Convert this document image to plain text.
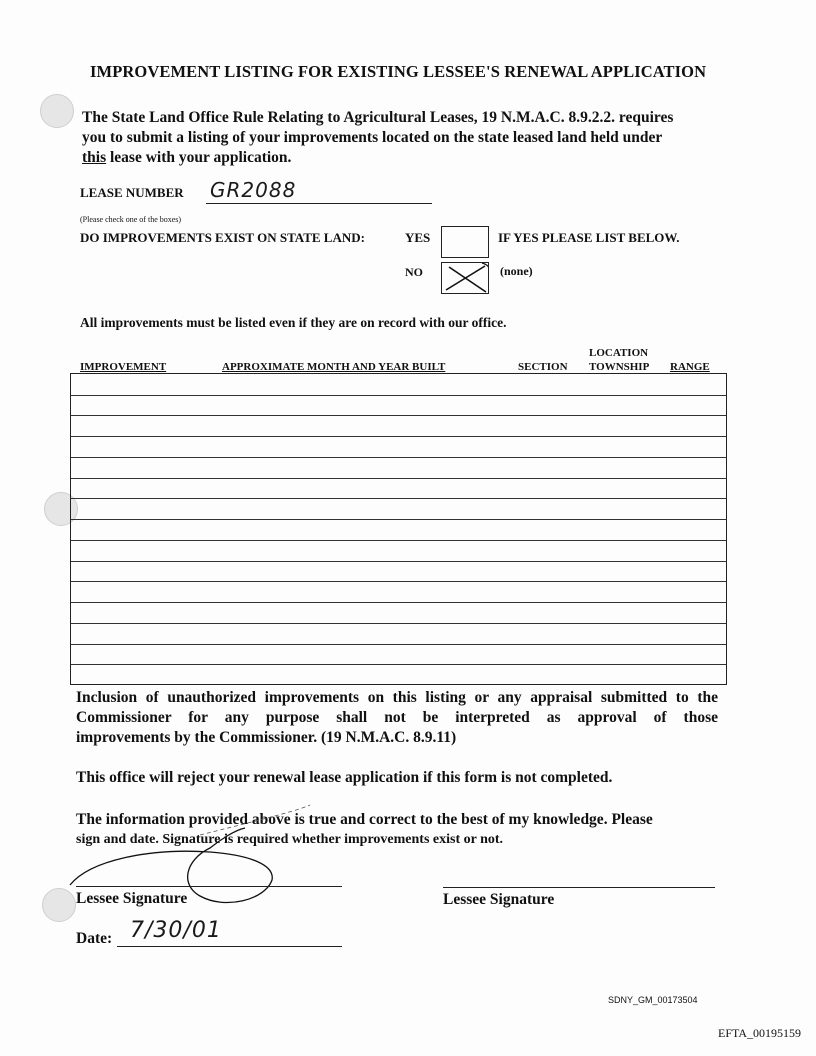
IMPROVEMENT LISTING FOR EXISTING LESSEE'S RENEWAL APPLICATION
The State Land Office Rule Relating to Agricultural Leases, 19 N.M.A.C. 8.9.2.2. requires
you to submit a listing of your improvements located on the state leased land held under
this lease with your application.
LEASE NUMBER GR2088
(Please check one of the boxes)
DO IMPROVEMENTS EXIST ON STATE LAND:	YES	IF YES PLEASE LIST BELOW.
NO	(none)
All improvements must be listed even if they are on record with our office.
LOCATION
IMPROVEMENT	APPROXIMATE MONTH AND YEAR BUILT	SECTION TOWNSHIP RANGE
Inclusion of unauthorized improvements on this listing or any appraisal submitted to the
Commissioner for any purpose shall not be interpreted as approval of those
improvements by the Commissioner. (19 N.M.A.C. 8.9.11)
This office will reject your renewal lease application if this form is not completed.
The information provided above is true and correct to the best of my knowledge. Please
sign and date. Signature is required whether improvements exist or not.
Lessee Signature	Lessee Signature
Date: 7/30/01
SDNY_GM_00173504
EFTA_00195159
